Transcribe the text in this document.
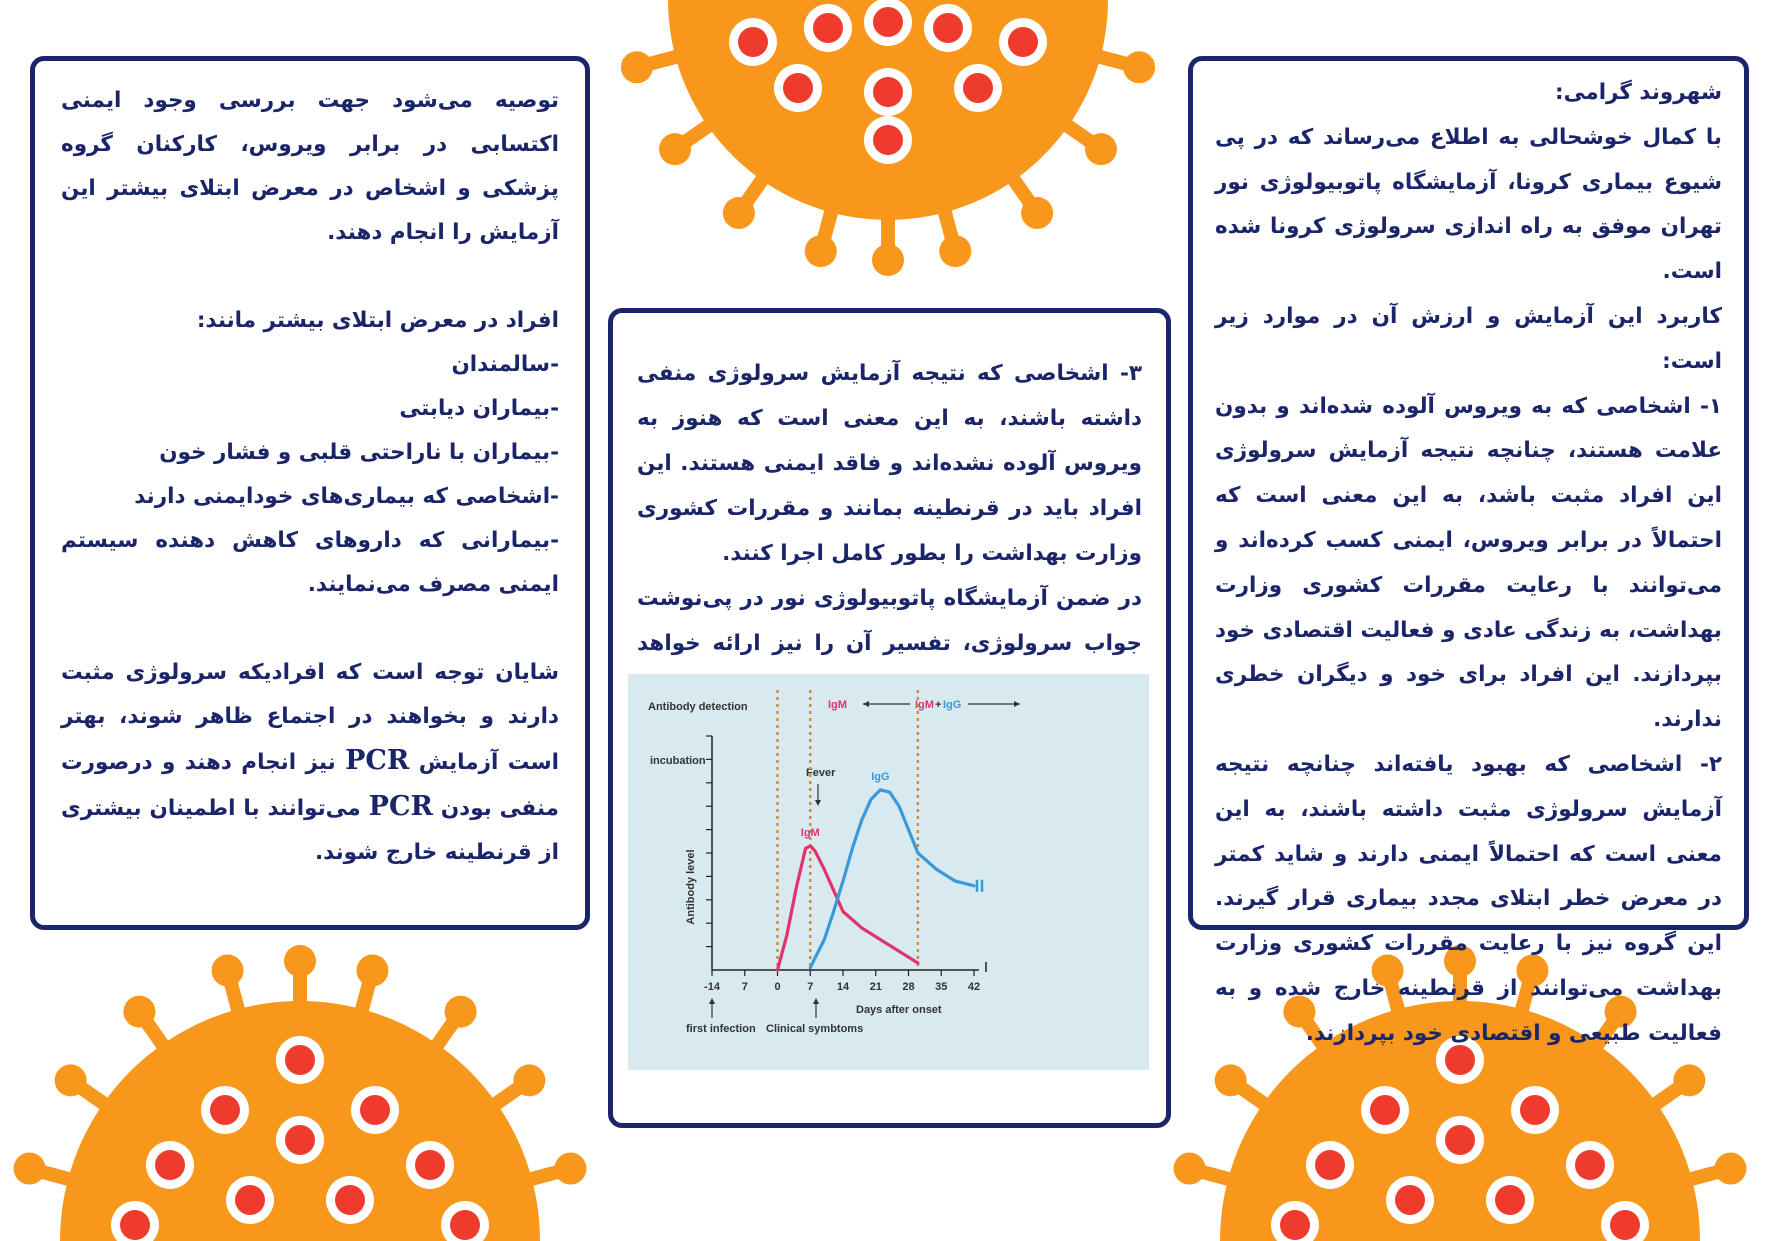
توصیه می‌شود جهت بررسی وجود ایمنی اکتسابی در برابر ویروس، کارکنان گروه پزشکی و اشخاص در معرض ابتلای بیشتر این آزمایش را انجام دهند.

افراد در معرض ابتلای بیشتر مانند:

-سالمندان

-بیماران دیابتی

-بیماران با ناراحتی قلبی و فشار خون

-اشخاصی که بیماری‌های خودایمنی دارند

-بیمارانی که داروهای کاهش دهنده سیستم ایمنی مصرف می‌نمایند.

شایان توجه است که افرادیکه سرولوژی مثبت دارند و بخواهند در اجتماع ظاهر شوند، بهتر است آزمایش PCR نیز انجام دهند و درصورت منفی بودن PCR می‌توانند با اطمینان بیشتری از قرنطینه خارج شوند.

۳- اشخاصی که نتیجه آزمایش سرولوژی منفی داشته باشند، به این معنی است که هنوز به ویروس آلوده نشده‌اند و فاقد ایمنی هستند. این افراد باید در قرنطینه بمانند و مقررات کشوری وزارت بهداشت را بطور کامل اجرا کنند.

در ضمن آزمایشگاه پاتوبیولوژی نور در پی‌نوشت جواب سرولوژی، تفسیر آن را نیز ارائه خواهد

Antibody detection	IgM	IgM + IgG
incubation
Fever
Antibody level
Days after onset
first infection Clinical symbtoms
-14 7 0 7 14 21 28 35 42
IgM
IgG

شهروند گرامی:

با کمال خوشحالی به اطلاع می‌رساند که در پی شیوع بیماری کرونا، آزمایشگاه پاتوبیولوژی نور تهران موفق به راه اندازی سرولوژی کرونا شده است.

کاربرد این آزمایش و ارزش آن در موارد زیر است:

۱- اشخاصی که به ویروس آلوده شده‌اند و بدون علامت هستند، چنانچه نتیجه آزمایش سرولوژی این افراد مثبت باشد، به این معنی است که احتمالاً در برابر ویروس، ایمنی کسب کرده‌اند و می‌توانند با رعایت مقررات کشوری وزارت بهداشت، به زندگی عادی و فعالیت اقتصادی خود بپردازند. این افراد برای خود و دیگران خطری ندارند.

۲- اشخاصی که بهبود یافته‌اند چنانچه نتیجه آزمایش سرولوژی مثبت داشته باشند، به این معنی است که احتمالاً ایمنی دارند و شاید کمتر در معرض خطر ابتلای مجدد بیماری قرار گیرند. این گروه نیز با رعایت مقررات کشوری وزارت بهداشت می‌توانند از قرنطینه خارج شده و به فعالیت طبیعی و اقتصادی خود بپردازند.
